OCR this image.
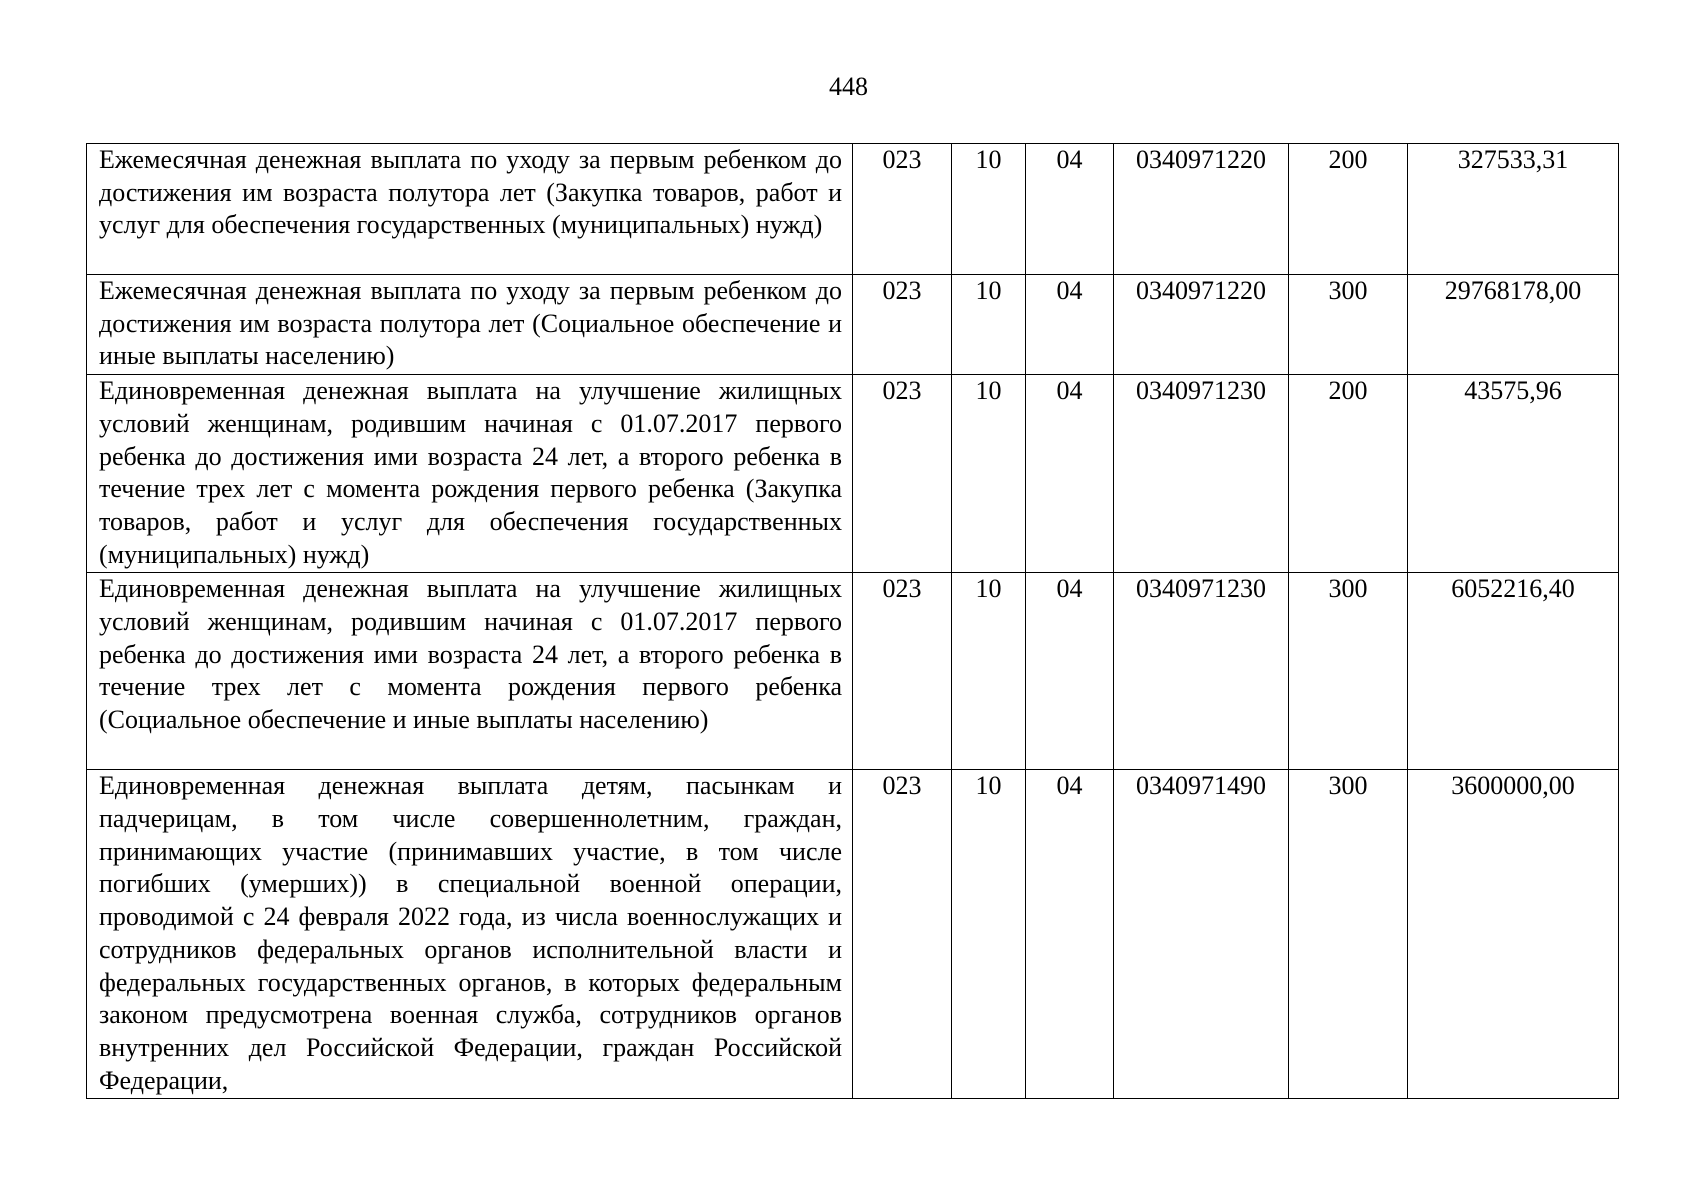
448
Ежемесячная денежная выплата по уходу за первым ребенком до достижения им возраста полутора лет (Закупка товаров, работ и услуг для обеспечения государственных (муниципальных) нужд)	023	10	04	0340971220	200	327533,31
Ежемесячная денежная выплата по уходу за первым ребенком до достижения им возраста полутора лет (Социальное обеспечение и иные выплаты населению)	023	10	04	0340971220	300	29768178,00
Единовременная денежная выплата на улучшение жилищных условий женщинам, родившим начиная с 01.07.2017 первого ребенка до достижения ими возраста 24 лет, а второго ребенка в течение трех лет с момента рождения первого ребенка (Закупка товаров, работ и услуг для обеспечения государственных (муниципальных) нужд)	023	10	04	0340971230	200	43575,96
Единовременная денежная выплата на улучшение жилищных условий женщинам, родившим начиная с 01.07.2017 первого ребенка до достижения ими возраста 24 лет, а второго ребенка в течение трех лет с момента рождения первого ребенка (Социальное обеспечение и иные выплаты населению)	023	10	04	0340971230	300	6052216,40
Единовременная денежная выплата детям, пасынкам и падчерицам, в том числе совершеннолетним, граждан, принимающих участие (принимавших участие, в том числе погибших (умерших)) в специальной военной операции, проводимой с 24 февраля 2022 года, из числа военнослужащих и сотрудников федеральных органов исполнительной власти и федеральных государственных органов, в которых федеральным законом предусмотрена военная служба, сотрудников органов внутренних дел Российской Федерации, граждан Российской Федерации,	023	10	04	0340971490	300	3600000,00
